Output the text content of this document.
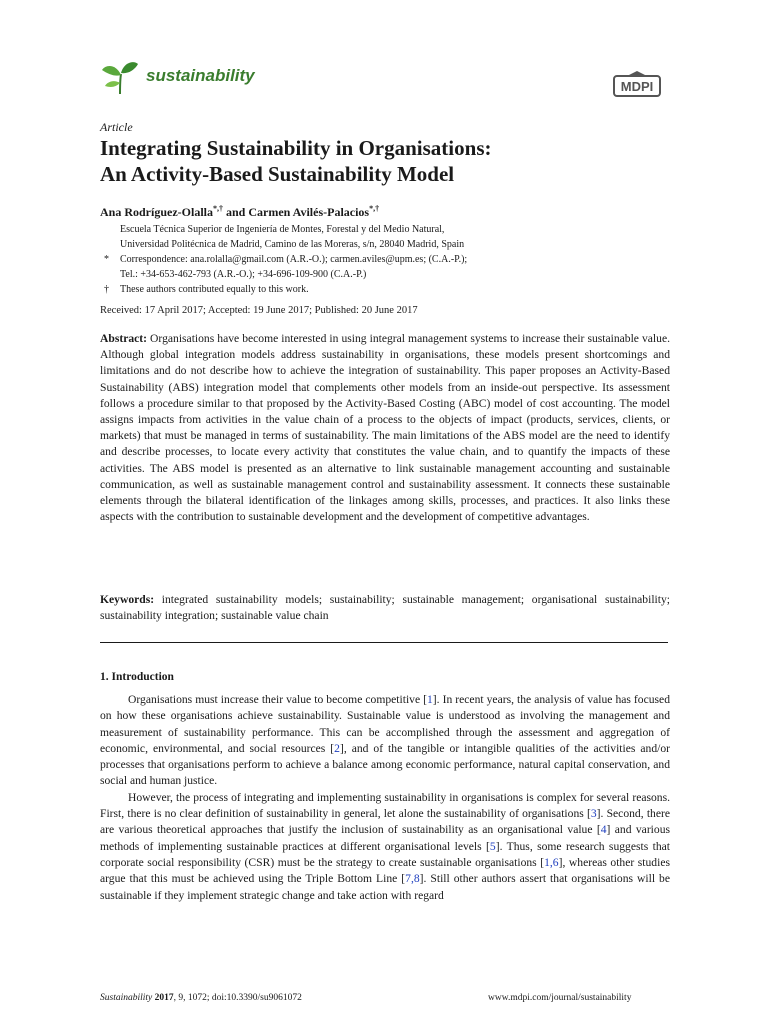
sustainability
MDPI
Article
Integrating Sustainability in Organisations:
An Activity-Based Sustainability Model
Ana Rodríguez-Olalla*,† and Carmen Avilés-Palacios*,†
Escuela Técnica Superior de Ingeniería de Montes, Forestal y del Medio Natural,
Universidad Politécnica de Madrid, Camino de las Moreras, s/n, 28040 Madrid, Spain
* Correspondence: ana.rolalla@gmail.com (A.R.-O.); carmen.aviles@upm.es; (C.A.-P.);
Tel.: +34-653-462-793 (A.R.-O.); +34-696-109-900 (C.A.-P.)
† These authors contributed equally to this work.
Received: 17 April 2017; Accepted: 19 June 2017; Published: 20 June 2017
Abstract: Organisations have become interested in using integral management systems to increase their sustainable value. Although global integration models address sustainability in organisations, these models present shortcomings and limitations and do not describe how to achieve the integration of sustainability. This paper proposes an Activity-Based Sustainability (ABS) integration model that complements other models from an inside-out perspective. Its assessment follows a procedure similar to that proposed by the Activity-Based Costing (ABC) model of cost accounting. The model assigns impacts from activities in the value chain of a process to the objects of impact (products, services, clients, or markets) that must be managed in terms of sustainability. The main limitations of the ABS model are the need to identify and describe processes, to locate every activity that constitutes the value chain, and to quantify the impacts of these activities. The ABS model is presented as an alternative to link sustainable management accounting and sustainable communication, as well as sustainable management control and sustainability assessment. It connects these sustainable elements through the bilateral identification of the linkages among skills, processes, and practices. It also links these aspects with the contribution to sustainable development and the development of competitive advantages.
Keywords: integrated sustainability models; sustainability; sustainable management; organisational sustainability; sustainability integration; sustainable value chain
1. Introduction

Organisations must increase their value to become competitive [1]. In recent years, the analysis of value has focused on how these organisations achieve sustainability. Sustainable value is understood as involving the management and measurement of sustainability performance. This can be accomplished through the assessment and aggregation of economic, environmental, and social resources [2], and of the tangible or intangible qualities of the activities and/or processes that organisations perform to achieve a balance among economic performance, natural capital conservation, and social and human justice.

However, the process of integrating and implementing sustainability in organisations is complex for several reasons. First, there is no clear definition of sustainability in general, let alone the sustainability of organisations [3]. Second, there are various theoretical approaches that justify the inclusion of sustainability as an organisational value [4] and various methods of implementing sustainable practices at different organisational levels [5]. Thus, some research suggests that corporate social responsibility (CSR) must be the strategy to create sustainable organisations [1,6], whereas other studies argue that this must be achieved using the Triple Bottom Line [7,8]. Still other authors assert that organisations will be sustainable if they implement strategic change and take action with regard

Sustainability 2017, 9, 1072; doi:10.3390/su9061072	www.mdpi.com/journal/sustainability
